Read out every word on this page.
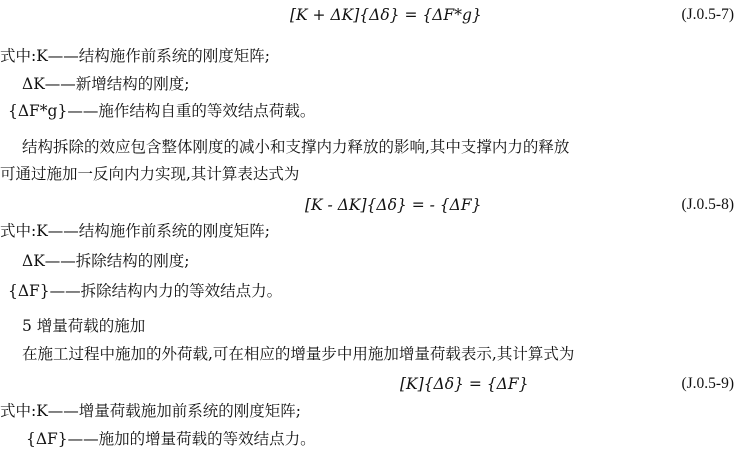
[K + ΔK]{Δδ} = {ΔF*g}	(J.0.5-7)
式中:K——结构施作前系统的刚度矩阵;
ΔK——新增结构的刚度;
{ΔF*g}——施作结构自重的等效结点荷载。
结构拆除的效应包含整体刚度的减小和支撑内力释放的影响,其中支撑内力的释放
可通过施加一反向内力实现,其计算表达式为
[K - ΔK]{Δδ} = - {ΔF}	(J.0.5-8)
式中:K——结构施作前系统的刚度矩阵;
ΔK——拆除结构的刚度;
{ΔF}——拆除结构内力的等效结点力。
5 增量荷载的施加
在施工过程中施加的外荷载,可在相应的增量步中用施加增量荷载表示,其计算式为
[K]{Δδ} = {ΔF}	(J.0.5-9)
式中:K——增量荷载施加前系统的刚度矩阵;
{ΔF}——施加的增量荷载的等效结点力。
